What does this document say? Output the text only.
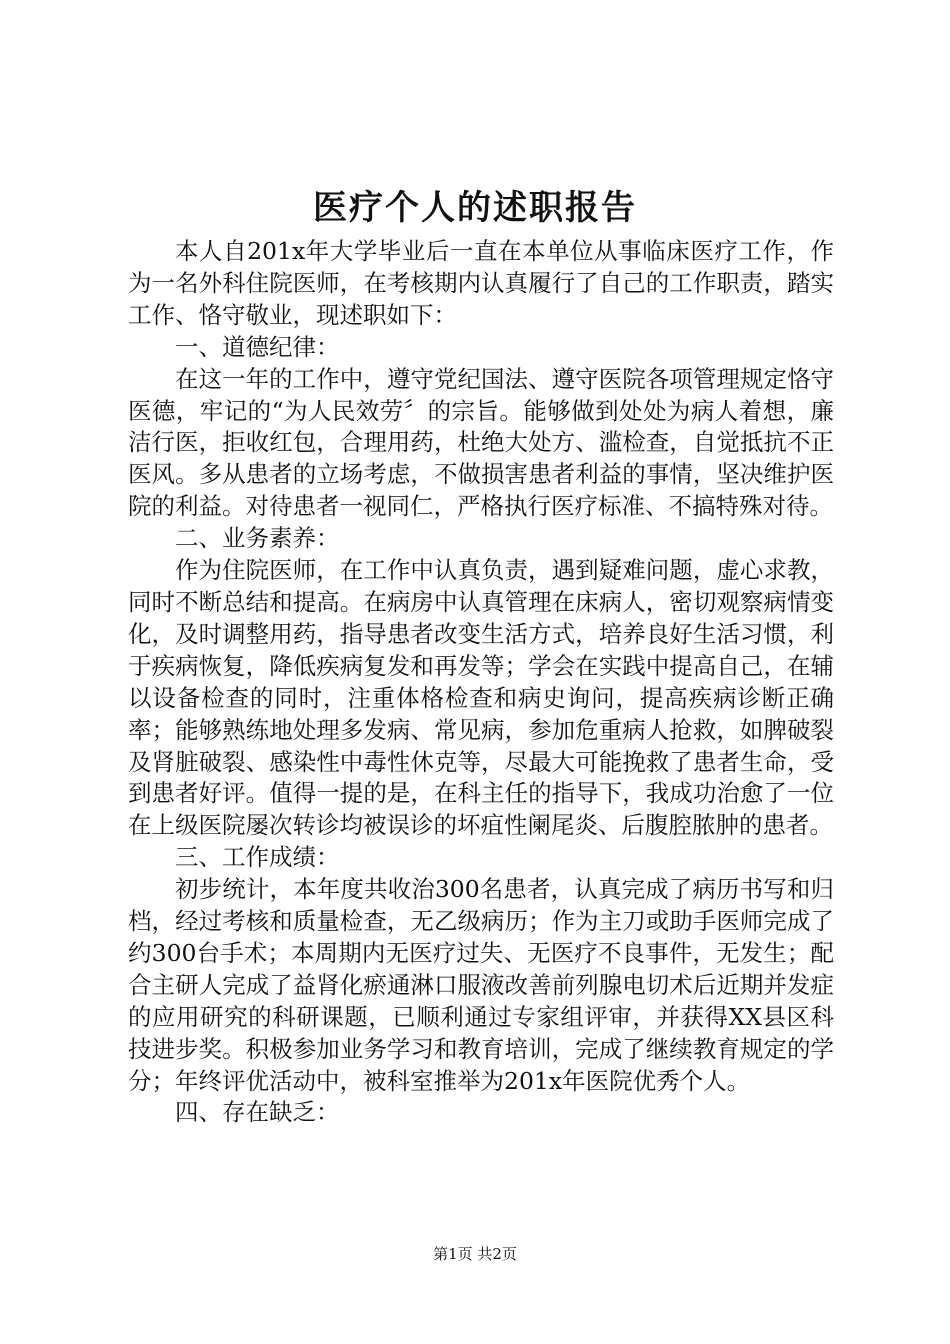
医疗个人的述职报告

本人自201x年大学毕业后一直在本单位从事临床医疗工作，作为一名外科住院医师，在考核期内认真履行了自己的工作职责，踏实工作、恪守敬业，现述职如下：

一、道德纪律：

在这一年的工作中，遵守党纪国法、遵守医院各项管理规定恪守医德，牢记的“为人民效劳〞的宗旨。能够做到处处为病人着想，廉洁行医，拒收红包，合理用药，杜绝大处方、滥检查，自觉抵抗不正医风。多从患者的立场考虑，不做损害患者利益的事情，坚决维护医院的利益。对待患者一视同仁，严格执行医疗标准、不搞特殊对待。

二、业务素养：

作为住院医师，在工作中认真负责，遇到疑难问题，虚心求教，同时不断总结和提高。在病房中认真管理在床病人，密切观察病情变化，及时调整用药，指导患者改变生活方式，培养良好生活习惯，利于疾病恢复，降低疾病复发和再发等；学会在实践中提高自己，在辅以设备检查的同时，注重体格检查和病史询问，提高疾病诊断正确率；能够熟练地处理多发病、常见病，参加危重病人抢救，如脾破裂及肾脏破裂、感染性中毒性休克等，尽最大可能挽救了患者生命，受到患者好评。值得一提的是，在科主任的指导下，我成功治愈了一位在上级医院屡次转诊均被误诊的坏疽性阑尾炎、后腹腔脓肿的患者。

三、工作成绩：

初步统计，本年度共收治300名患者，认真完成了病历书写和归档，经过考核和质量检查，无乙级病历；作为主刀或助手医师完成了约300台手术；本周期内无医疗过失、无医疗不良事件，无发生；配合主研人完成了益肾化瘀通淋口服液改善前列腺电切术后近期并发症的应用研究的科研课题，已顺利通过专家组评审，并获得XX县区科技进步奖。积极参加业务学习和教育培训，完成了继续教育规定的学分；年终评优活动中，被科室推举为201x年医院优秀个人。

四、存在缺乏：

第1页 共2页
